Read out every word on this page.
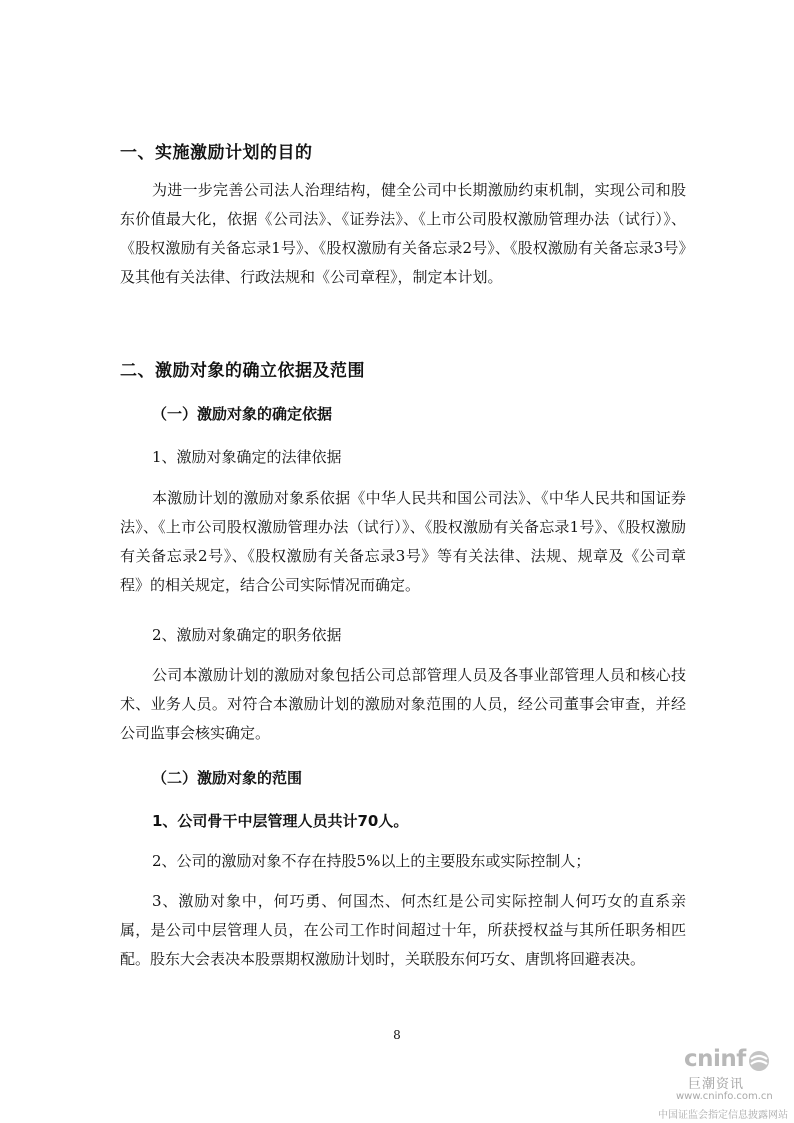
一、实施激励计划的目的

为进一步完善公司法人治理结构，健全公司中长期激励约束机制，实现公司和股东价值最大化，依据《公司法》、《证券法》、《上市公司股权激励管理办法（试行）》、《股权激励有关备忘录1号》、《股权激励有关备忘录2号》、《股权激励有关备忘录3号》及其他有关法律、行政法规和《公司章程》，制定本计划。

二、激励对象的确立依据及范围
（一）激励对象的确定依据
1、激励对象确定的法律依据

本激励计划的激励对象系依据《中华人民共和国公司法》、《中华人民共和国证券法》、《上市公司股权激励管理办法（试行）》、《股权激励有关备忘录1号》、《股权激励有关备忘录2号》、《股权激励有关备忘录3号》等有关法律、法规、规章及《公司章程》的相关规定，结合公司实际情况而确定。

2、激励对象确定的职务依据

公司本激励计划的激励对象包括公司总部管理人员及各事业部管理人员和核心技术、业务人员。对符合本激励计划的激励对象范围的人员，经公司董事会审查，并经公司监事会核实确定。

（二）激励对象的范围
1、公司骨干中层管理人员共计70人。
2、公司的激励对象不存在持股5%以上的主要股东或实际控制人；

3、激励对象中，何巧勇、何国杰、何杰红是公司实际控制人何巧女的直系亲属，是公司中层管理人员，在公司工作时间超过十年，所获授权益与其所任职务相匹配。股东大会表决本股票期权激励计划时，关联股东何巧女、唐凯将回避表决。

8
cninf
巨潮资讯
www.cninfo.com.cn
中国证监会指定信息披露网站
